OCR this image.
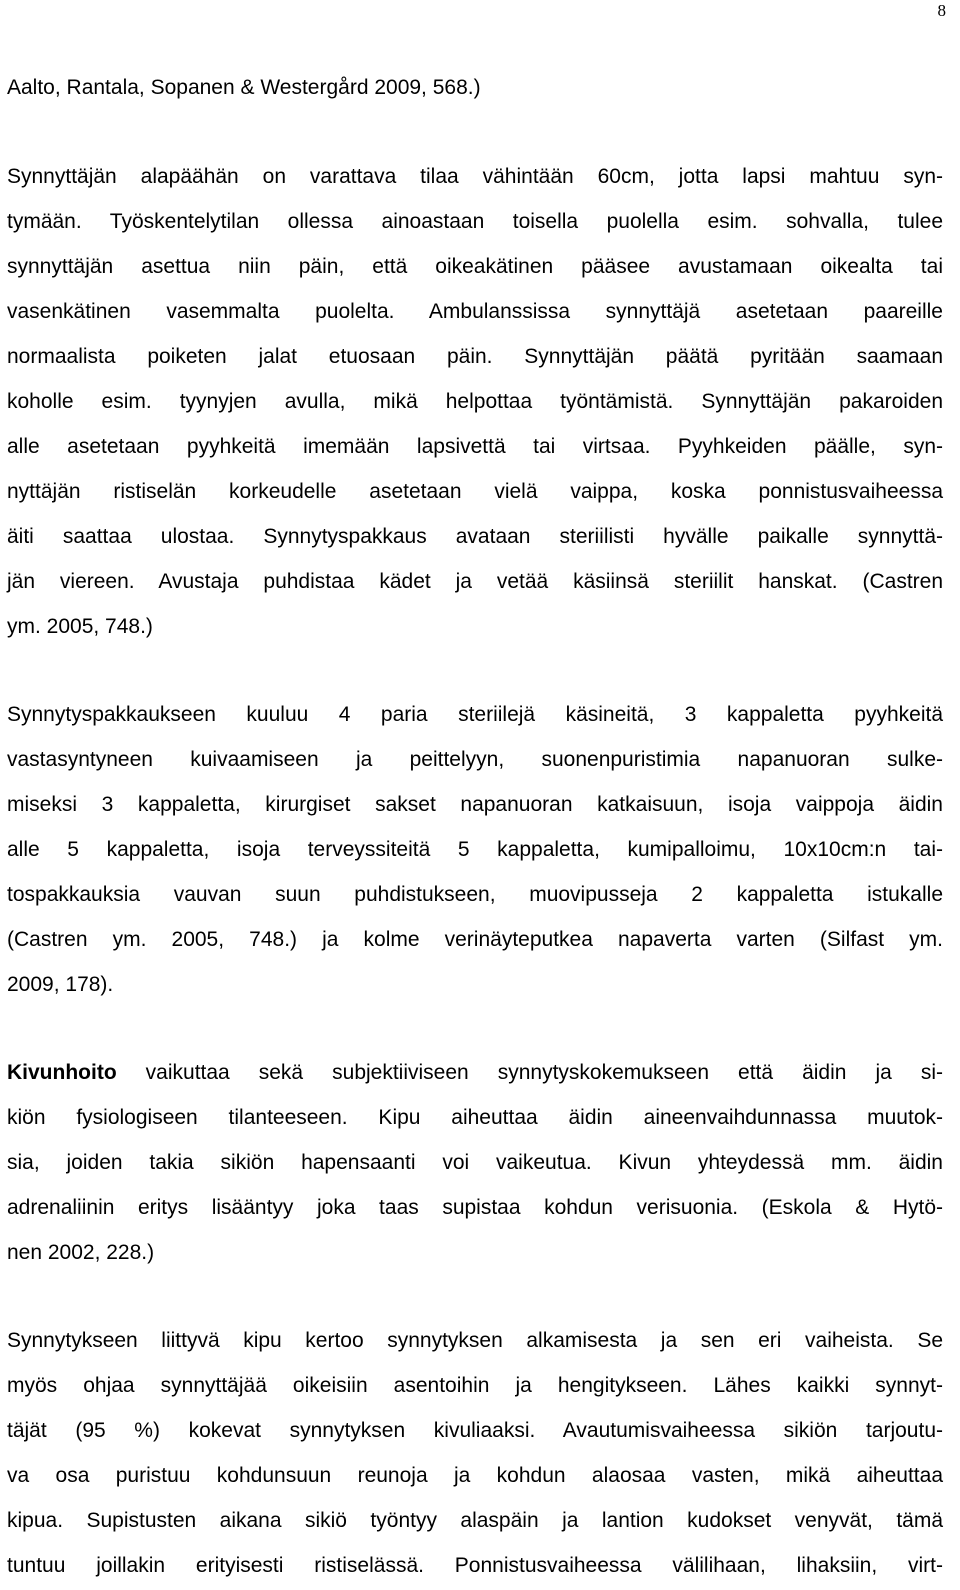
8
Aalto, Rantala, Sopanen & Westergård 2009, 568.)
Synnyttäjän alapäähän on varattava tilaa vähintään 60cm, jotta lapsi mahtuu syn-
tymään. Työskentelytilan ollessa ainoastaan toisella puolella esim. sohvalla, tulee
synnyttäjän asettua niin päin, että oikeakätinen pääsee avustamaan oikealta tai
vasenkätinen vasemmalta puolelta. Ambulanssissa synnyttäjä asetetaan paareille
normaalista poiketen jalat etuosaan päin. Synnyttäjän päätä pyritään saamaan
koholle esim. tyynyjen avulla, mikä helpottaa työntämistä. Synnyttäjän pakaroiden
alle asetetaan pyyhkeitä imemään lapsivettä tai virtsaa. Pyyhkeiden päälle, syn-
nyttäjän ristiselän korkeudelle asetetaan vielä vaippa, koska ponnistusvaiheessa
äiti saattaa ulostaa. Synnytyspakkaus avataan steriilisti hyvälle paikalle synnyttä-
jän viereen. Avustaja puhdistaa kädet ja vetää käsiinsä steriilit hanskat. (Castren
ym. 2005, 748.)
Synnytyspakkaukseen kuuluu 4 paria steriilejä käsineitä, 3 kappaletta pyyhkeitä
vastasyntyneen kuivaamiseen ja peittelyyn, suonenpuristimia napanuoran sulke-
miseksi 3 kappaletta, kirurgiset sakset napanuoran katkaisuun, isoja vaippoja äidin
alle 5 kappaletta, isoja terveyssiteitä 5 kappaletta, kumipalloimu, 10x10cm:n tai-
tospakkauksia vauvan suun puhdistukseen, muovipusseja 2 kappaletta istukalle
(Castren ym. 2005, 748.) ja kolme verinäyteputkea napaverta varten (Silfast ym.
2009, 178).
Kivunhoito vaikuttaa sekä subjektiiviseen synnytyskokemukseen että äidin ja si-
kiön fysiologiseen tilanteeseen. Kipu aiheuttaa äidin aineenvaihdunnassa muutok-
sia, joiden takia sikiön hapensaanti voi vaikeutua. Kivun yhteydessä mm. äidin
adrenaliinin eritys lisääntyy joka taas supistaa kohdun verisuonia. (Eskola & Hytö-
nen 2002, 228.)
Synnytykseen liittyvä kipu kertoo synnytyksen alkamisesta ja sen eri vaiheista. Se
myös ohjaa synnyttäjää oikeisiin asentoihin ja hengitykseen. Lähes kaikki synnyt-
täjät (95 %) kokevat synnytyksen kivuliaaksi. Avautumisvaiheessa sikiön tarjoutu-
va osa puristuu kohdunsuun reunoja ja kohdun alaosaa vasten, mikä aiheuttaa
kipua. Supistusten aikana sikiö työntyy alaspäin ja lantion kudokset venyvät, tämä
tuntuu joillakin erityisesti ristiselässä. Ponnistusvaiheessa välilihaan, lihaksiin, virt-
